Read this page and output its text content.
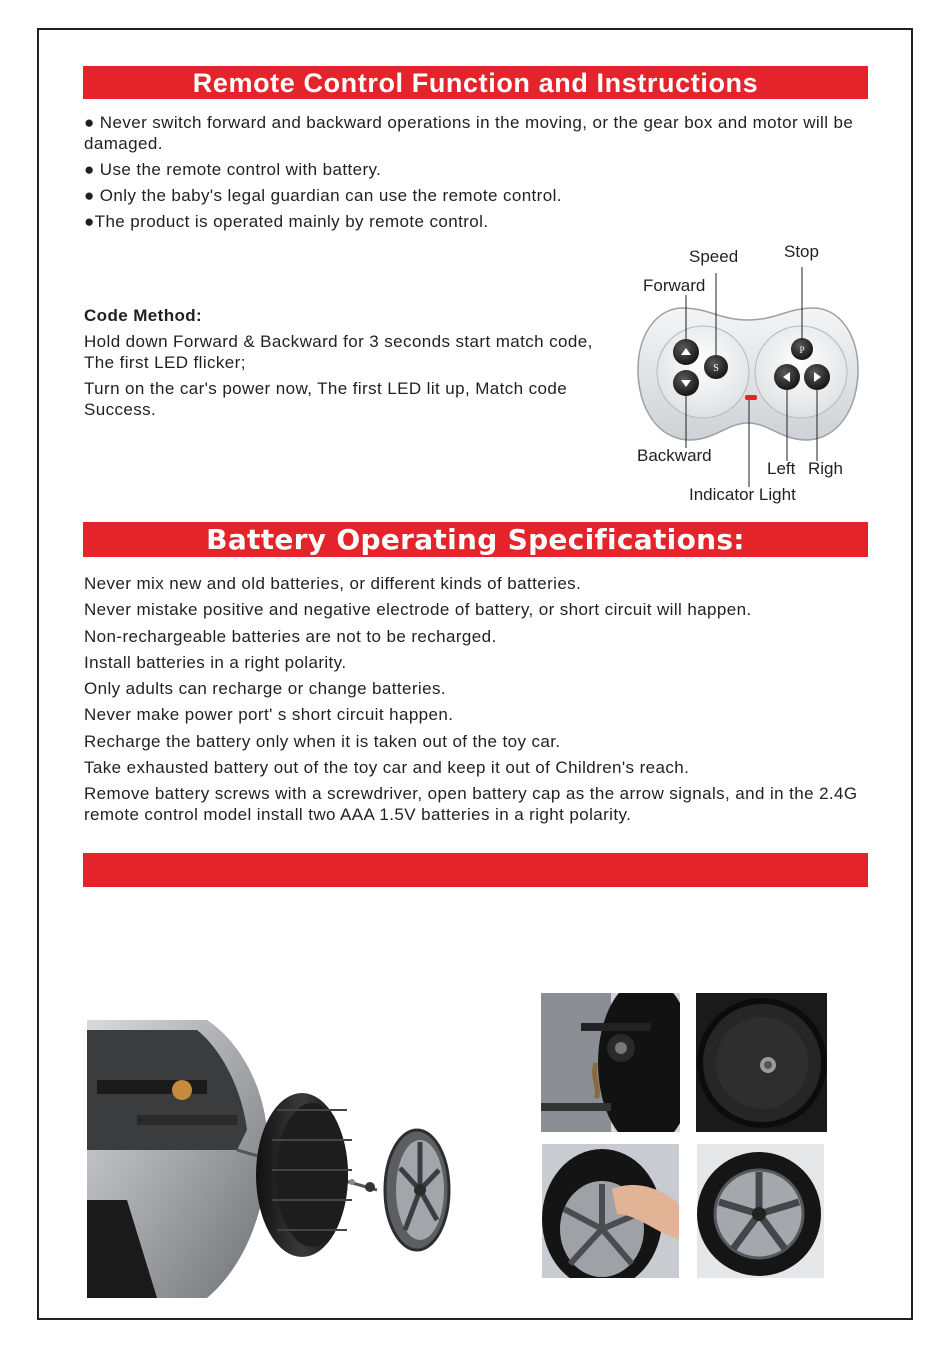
Remote Control Function and Instructions
● Never switch forward and backward operations in the moving, or the gear box and motor will be damaged.
● Use the remote control with battery.
● Only the baby's legal guardian can use the remote control.
●The product is operated mainly by remote control.
Code Method:

Hold down Forward & Backward for 3 seconds start match code, The first LED flicker;

Turn on the car's power now, The first LED lit up, Match code Success.

S
P
Speed	Stop
Forward
Backward
Left Righ
Indicator Light
Battery Operating Specifications:
Never mix new and old batteries, or different kinds of batteries.
Never mistake positive and negative electrode of battery, or short circuit will happen.
Non-rechargeable batteries are not to be recharged.
Install batteries in a right polarity.
Only adults can recharge or change batteries.
Never make power port' s short circuit happen.
Recharge the battery only when it is taken out of the toy car.
Take exhausted battery out of the toy car and keep it out of Children's reach.
Remove battery screws with a screwdriver, open battery cap as the arrow signals, and in the 2.4G remote control model install two AAA 1.5V batteries in a right polarity.
